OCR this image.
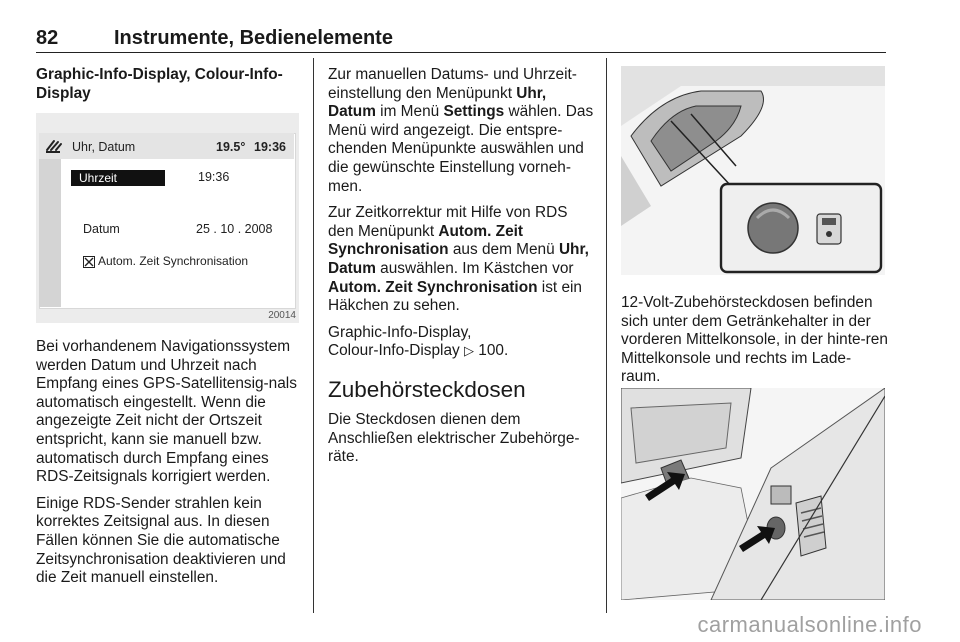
82	Instrumente, Bedienelemente
Graphic-Info-Display, Colour-Info-Display
Uhr, Datum	19.5° 19:36
Uhrzeit	19:36
Datum	25 . 10 . 2008
Autom. Zeit Synchronisation
20014

Bei vorhandenem Navigationssystem werden Datum und Uhrzeit nach Empfang eines GPS-Satellitensig-nals automatisch eingestellt. Wenn die angezeigte Zeit nicht der Ortszeit entspricht, kann sie manuell bzw. automatisch durch Empfang eines RDS-Zeitsignals korrigiert werden.

Einige RDS-Sender strahlen kein korrektes Zeitsignal aus. In diesen Fällen können Sie die automatische Zeitsynchronisation deaktivieren und die Zeit manuell einstellen.

Zur manuellen Datums- und Uhrzeit-einstellung den Menüpunkt Uhr, Datum im Menü Settings wählen. Das Menü wird angezeigt. Die entspre-chenden Menüpunkte auswählen und die gewünschte Einstellung vorneh-men.

Zur Zeitkorrektur mit Hilfe von RDS den Menüpunkt Autom. Zeit Synchronisation aus dem Menü Uhr, Datum auswählen. Im Kästchen vor Autom. Zeit Synchronisation ist ein Häkchen zu sehen.

Graphic-Info-Display,
Colour-Info-Display ▷ 100.

Zubehörsteckdosen

Die Steckdosen dienen dem Anschließen elektrischer Zubehörge-räte.

12-Volt-Zubehörsteckdosen befinden sich unter dem Getränkehalter in der vorderen Mittelkonsole, in der hinte-ren Mittelkonsole und rechts im Lade-raum.

carmanualsonline.info
